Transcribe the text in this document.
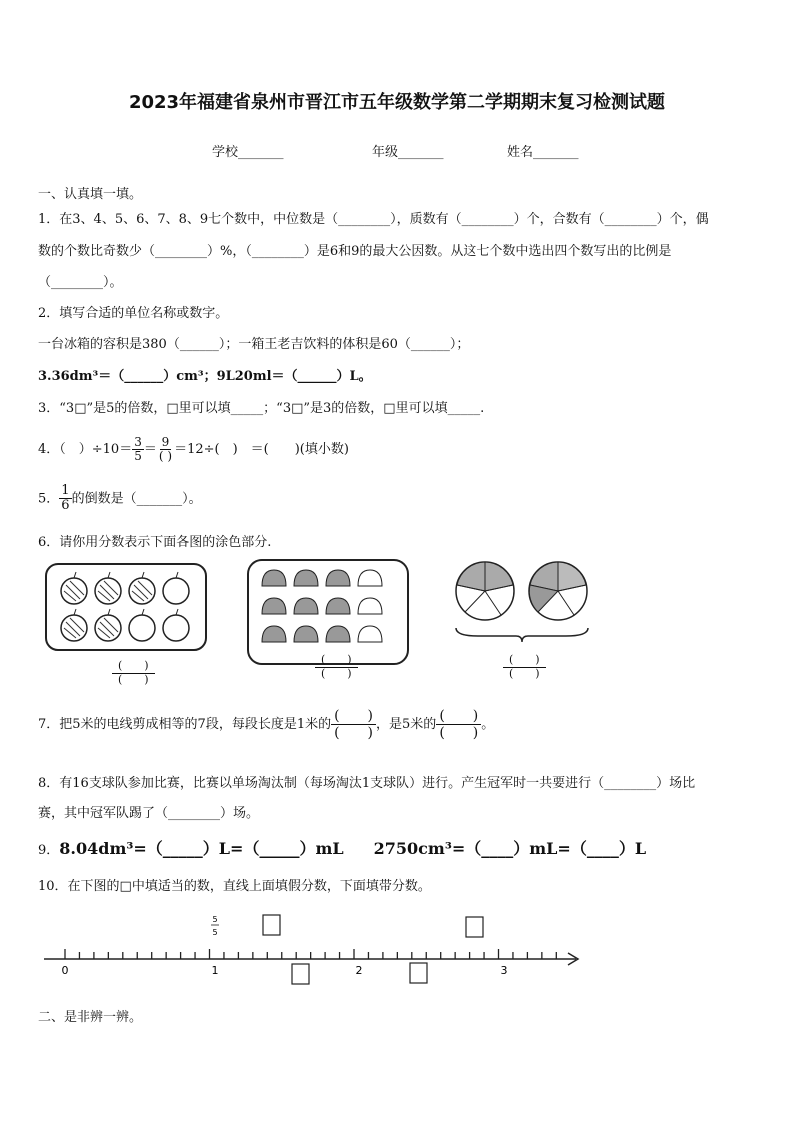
2023年福建省泉州市晋江市五年级数学第二学期期末复习检测试题
学校_______	年级_______	姓名_______
一、认真填一填。
1．在3、4、5、6、7、8、9七个数中，中位数是（________），质数有（________）个，合数有（________）个，偶
数的个数比奇数少（________）%，（________）是6和9的最大公因数。从这七个数中选出四个数写出的比例是
（________）。
2．填写合适的单位名称或数字。
一台冰箱的容积是380（______）；一箱王老吉饮料的体积是60（______）；
3.36dm³＝（______）cm³；9L20ml＝（______）L。
3．“3□”是5的倍数，□里可以填_____；“3□”是3的倍数，□里可以填_____.
4．（　）$\div 10= \frac{3}{5} = \frac{9}{( )} =12\div$(　)　＝(　　)(填小数)
5． $\frac{1}{6}$ 的倒数是（_______）。
6．请你用分数表示下面各图的涂色部分.
$\frac{( )}{( )}$	$\frac{( )}{( )}$	$\frac{( )}{( )}$
7．把5米的电线剪成相等的7段，每段长度是1米的 $\frac{( )}{( )}$ ，是5米的 $\frac{( )}{( )}$ 。
8．有16支球队参加比赛，比赛以单场淘汰制（每场淘汰1支球队）进行。产生冠军时一共要进行（________）场比
赛，其中冠军队踢了（________）场。
9．8.04dm³=（_____）L=（_____）mL 2750cm³=（____）mL=（____）L
10．在下图的□中填适当的数，直线上面填假分数，下面填带分数。
0	1	2	3
5
5
二、是非辨一辨。
